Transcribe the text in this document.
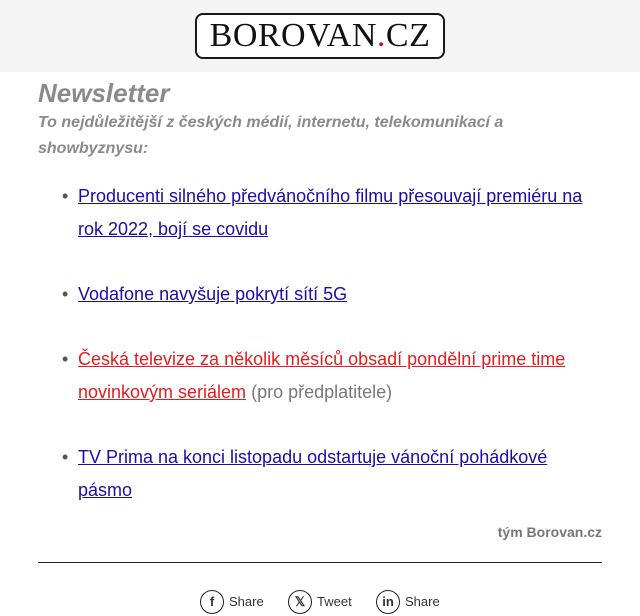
BOROVAN.CZ
Newsletter
To nejdůležitější z českých médií, internetu, telekomunikací a showbyznysu:
• Producenti silného předvánočního filmu přesouvají premiéru na rok 2022, bojí se covidu
• Vodafone navyšuje pokrytí sítí 5G
• Česká televize za několik měsíců obsadí pondělní prime time novinkovým seriálem (pro předplatitele)
• TV Prima na konci listopadu odstartuje vánoční pohádkové pásmo
tým Borovan.cz
f Share	𝕏 Tweet	in Share
